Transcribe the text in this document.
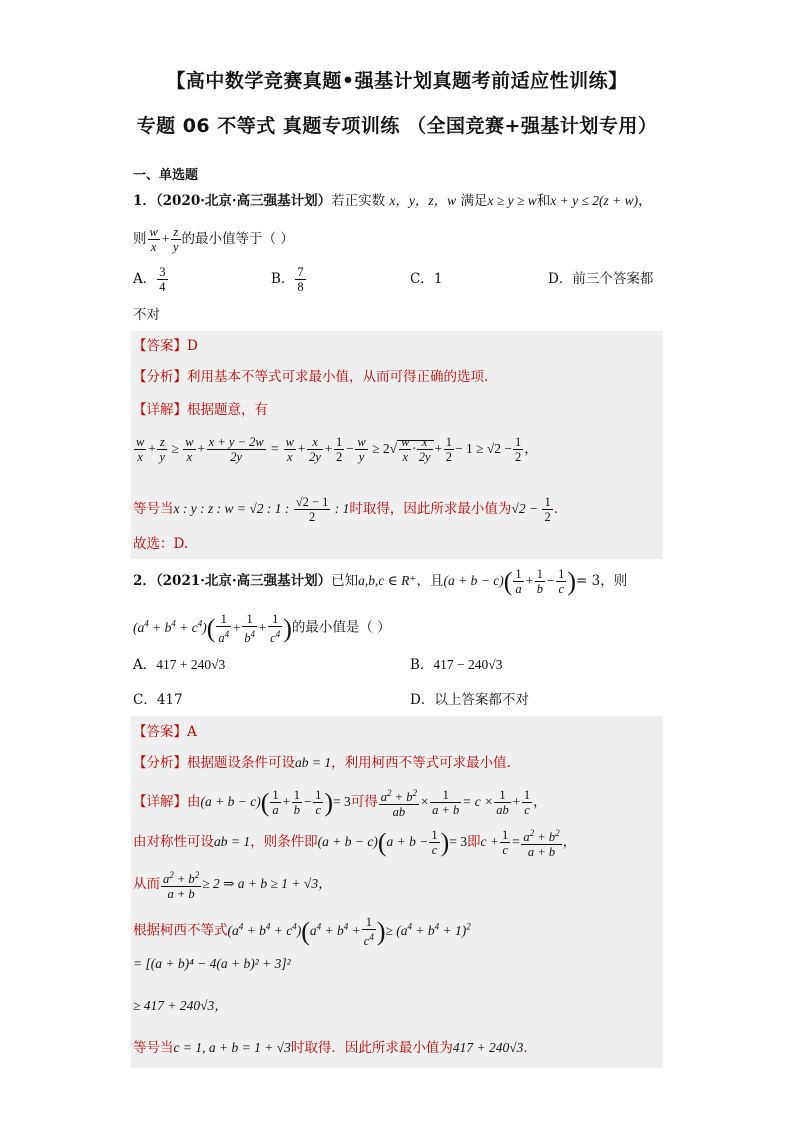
【高中数学竞赛真题•强基计划真题考前适应性训练】
专题 06 不等式 真题专项训练 （全国竞赛+强基计划专用）
一、单选题
1．（2020·北京·高三强基计划）若正实数 x，y，z，w 满足x ≥ y ≥ w和x + y ≤ 2(z + w)，
则 $\frac{w}{x} + \frac{z}{y}$ 的最小值等于（ ）
A． $\frac{3}{4}$	B． $\frac{7}{8}$	C．1	D．前三个答案都
不对
【答案】D
【分析】利用基本不等式可求最小值，从而可得正确的选项.
【详解】根据题意，有
$\frac{w}{x} + \frac{z}{y} \ge \frac{w}{x} + \frac{x + y - 2w}{2y} = \frac{w}{x} + \frac{x}{2y} + \frac{1}{2} - \frac{w}{y} \ge 2√ \frac{w}{x} \cdot \frac{x}{2y} + \frac{1}{2} - 1 \ge √2 - \frac{1}{2}$ ，
等号当x : y : z : w = √2 : 1 : $\frac{√2 - 1}{2}$ : 1时取得，因此所求最小值为$√2 - \frac{1}{2}$ ．
故选：D.
2．（2021·北京·高三强基计划）已知a,b,c ∈ R⁺，且$(a + b - c)( \frac{1}{a} + \frac{1}{b} - \frac{1}{c}$ )= 3，则
$(a^4 + b^4 + c^4)( \frac{1}{a^4} + \frac{1}{b^4} + \frac{1}{c^4}$ )的最小值是（ ）
A．417 + 240√3	B．417 − 240√3
C．417	D．以上答案都不对
【答案】A
【分析】根据题设条件可设ab = 1，利用柯西不等式可求最小值.
【详解】由$(a + b - c)( \frac{1}{a} + \frac{1}{b} - \frac{1}{c}$ )= 3可得 $\frac{a^2 + b^2}{ab} \times \frac{1}{a + b} = c \times \frac{1}{ab} + \frac{1}{c}$ ，
由对称性可设ab = 1，则条件即$(a + b - c)(a + b - \frac{1}{c}$ )= 3即$c + \frac{1}{c} = \frac{a^2 + b^2}{a + b}$ ，
从而 $\frac{a^2 + b^2}{a + b} \ge 2$ ⇒ a + b ≥ 1 + √3，
根据柯西不等式$(a^4 + b^4 + c^4)(a^4 + b^4 + \frac{1}{c^4}$ )≥ $(a^4 + b^4 + 1)^2$
= [(a + b)⁴ − 4(a + b)² + 3]²
≥ 417 + 240√3，
等号当c = 1, a + b = 1 + √3时取得．因此所求最小值为417 + 240√3．
